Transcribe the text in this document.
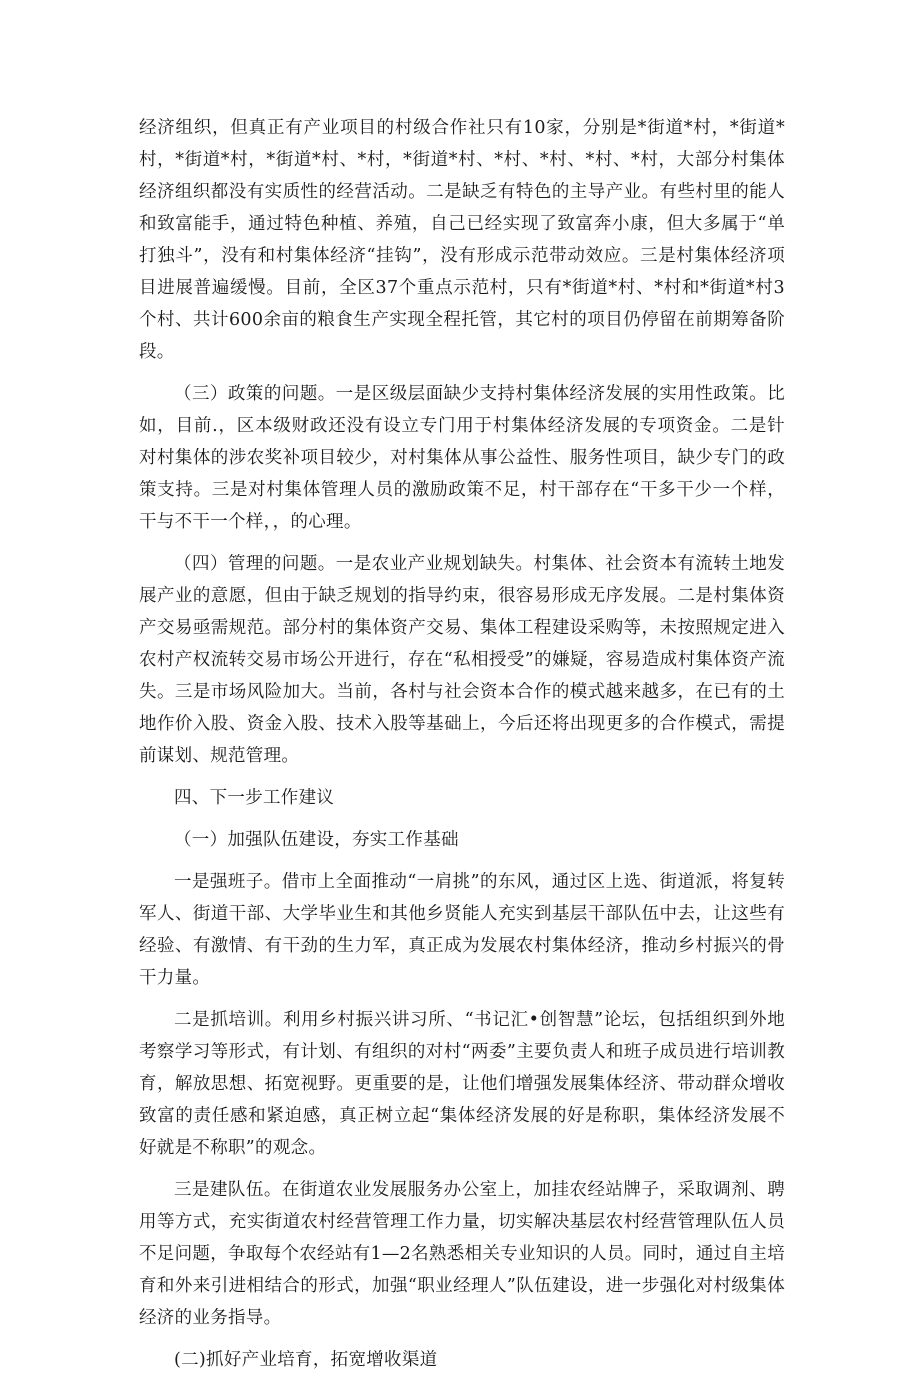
经济组织，但真正有产业项目的村级合作社只有10家，分别是*街道*村，*街道*村，*街道*村，*街道*村、*村，*街道*村、*村、*村、*村、*村，大部分村集体经济组织都没有实质性的经营活动。二是缺乏有特色的主导产业。有些村里的能人和致富能手，通过特色种植、养殖，自己已经实现了致富奔小康，但大多属于“单打独斗”，没有和村集体经济“挂钩”，没有形成示范带动效应。三是村集体经济项目进展普遍缓慢。目前，全区37个重点示范村，只有*街道*村、*村和*街道*村3个村、共计600余亩的粮食生产实现全程托管，其它村的项目仍停留在前期筹备阶段。

（三）政策的问题。一是区级层面缺少支持村集体经济发展的实用性政策。比如，目前.，区本级财政还没有设立专门用于村集体经济发展的专项资金。二是针对村集体的涉农奖补项目较少，对村集体从事公益性、服务性项目，缺少专门的政策支持。三是对村集体管理人员的激励政策不足，村干部存在“干多干少一个样，干与不干一个样，，的心理。

（四）管理的问题。一是农业产业规划缺失。村集体、社会资本有流转土地发展产业的意愿，但由于缺乏规划的指导约束，很容易形成无序发展。二是村集体资产交易亟需规范。部分村的集体资产交易、集体工程建设采购等，未按照规定进入农村产权流转交易市场公开进行，存在“私相授受”的嫌疑，容易造成村集体资产流失。三是市场风险加大。当前，各村与社会资本合作的模式越来越多，在已有的土地作价入股、资金入股、技术入股等基础上，今后还将出现更多的合作模式，需提前谋划、规范管理。

四、下一步工作建议

（一）加强队伍建设，夯实工作基础

一是强班子。借市上全面推动“一肩挑”的东风，通过区上选、街道派，将复转军人、街道干部、大学毕业生和其他乡贤能人充实到基层干部队伍中去，让这些有经验、有激情、有干劲的生力军，真正成为发展农村集体经济，推动乡村振兴的骨干力量。

二是抓培训。利用乡村振兴讲习所、“书记汇•创智慧”论坛，包括组织到外地考察学习等形式，有计划、有组织的对村“两委”主要负责人和班子成员进行培训教育，解放思想、拓宽视野。更重要的是，让他们增强发展集体经济、带动群众增收致富的责任感和紧迫感，真正树立起“集体经济发展的好是称职，集体经济发展不好就是不称职”的观念。

三是建队伍。在街道农业发展服务办公室上，加挂农经站牌子，采取调剂、聘用等方式，充实街道农村经营管理工作力量，切实解决基层农村经营管理队伍人员不足问题，争取每个农经站有1—2名熟悉相关专业知识的人员。同时，通过自主培育和外来引进相结合的形式，加强“职业经理人”队伍建设，进一步强化对村级集体经济的业务指导。

(二)抓好产业培育，拓宽增收渠道
